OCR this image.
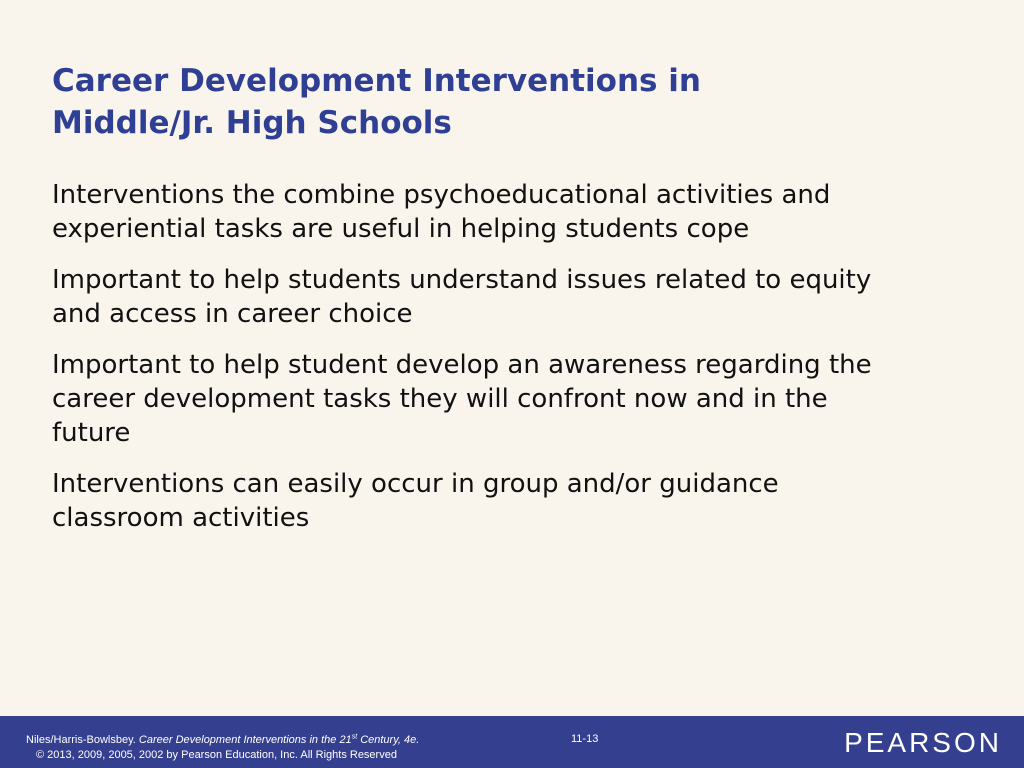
Career Development Interventions in
Middle/Jr. High Schools
Interventions the combine psychoeducational activities and
experiential tasks are useful in helping students cope
Important to help students understand issues related to equity
and access in career choice
Important to help student develop an awareness regarding the
career development tasks they will confront now and in the
future
Interventions can easily occur in group and/or guidance
classroom activities
Niles/Harris-Bowlsbey. Career Development Interventions in the 21st Century, 4e.
© 2013, 2009, 2005, 2002 by Pearson Education, Inc. All Rights Reserved
11-13	PEARSON
